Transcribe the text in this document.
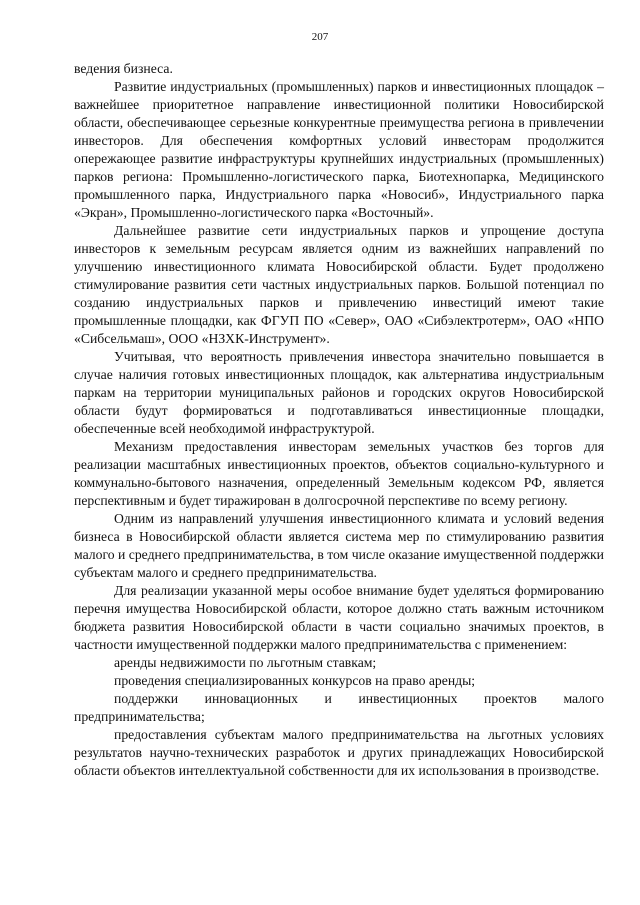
207

ведения бизнеса.

Развитие индустриальных (промышленных) парков и инвестиционных площадок – важнейшее приоритетное направление инвестиционной политики Новосибирской области, обеспечивающее серьезные конкурентные преимущества региона в привлечении инвесторов. Для обеспечения комфортных условий инвесторам продолжится опережающее развитие инфраструктуры крупнейших индустриальных (промышленных) парков региона: Промышленно-логистического парка, Биотехнопарка, Медицинского промышленного парка, Индустриального парка «Новосиб», Индустриального парка «Экран», Промышленно-логистического парка «Восточный».

Дальнейшее развитие сети индустриальных парков и упрощение доступа инвесторов к земельным ресурсам является одним из важнейших направлений по улучшению инвестиционного климата Новосибирской области. Будет продолжено стимулирование развития сети частных индустриальных парков. Большой потенциал по созданию индустриальных парков и привлечению инвестиций имеют такие промышленные площадки, как ФГУП ПО «Север», ОАО «Сибэлектротерм», ОАО «НПО «Сибсельмаш», ООО «НЗХК-Инструмент».

Учитывая, что вероятность привлечения инвестора значительно повышается в случае наличия готовых инвестиционных площадок, как альтернатива индустриальным паркам на территории муниципальных районов и городских округов Новосибирской области будут формироваться и подготавливаться инвестиционные площадки, обеспеченные всей необходимой инфраструктурой.

Механизм предоставления инвесторам земельных участков без торгов для реализации масштабных инвестиционных проектов, объектов социально-культурного и коммунально-бытового назначения, определенный Земельным кодексом РФ, является перспективным и будет тиражирован в долгосрочной перспективе по всему региону.

Одним из направлений улучшения инвестиционного климата и условий ведения бизнеса в Новосибирской области является система мер по стимулированию развития малого и среднего предпринимательства, в том числе оказание имущественной поддержки субъектам малого и среднего предпринимательства.

Для реализации указанной меры особое внимание будет уделяться формированию перечня имущества Новосибирской области, которое должно стать важным источником бюджета развития Новосибирской области в части социально значимых проектов, в частности имущественной поддержки малого предпринимательства с применением:

аренды недвижимости по льготным ставкам;

проведения специализированных конкурсов на право аренды;

поддержки инновационных и инвестиционных проектов малого предпринимательства;

предоставления субъектам малого предпринимательства на льготных условиях результатов научно-технических разработок и других принадлежащих Новосибирской области объектов интеллектуальной собственности для их использования в производстве.
